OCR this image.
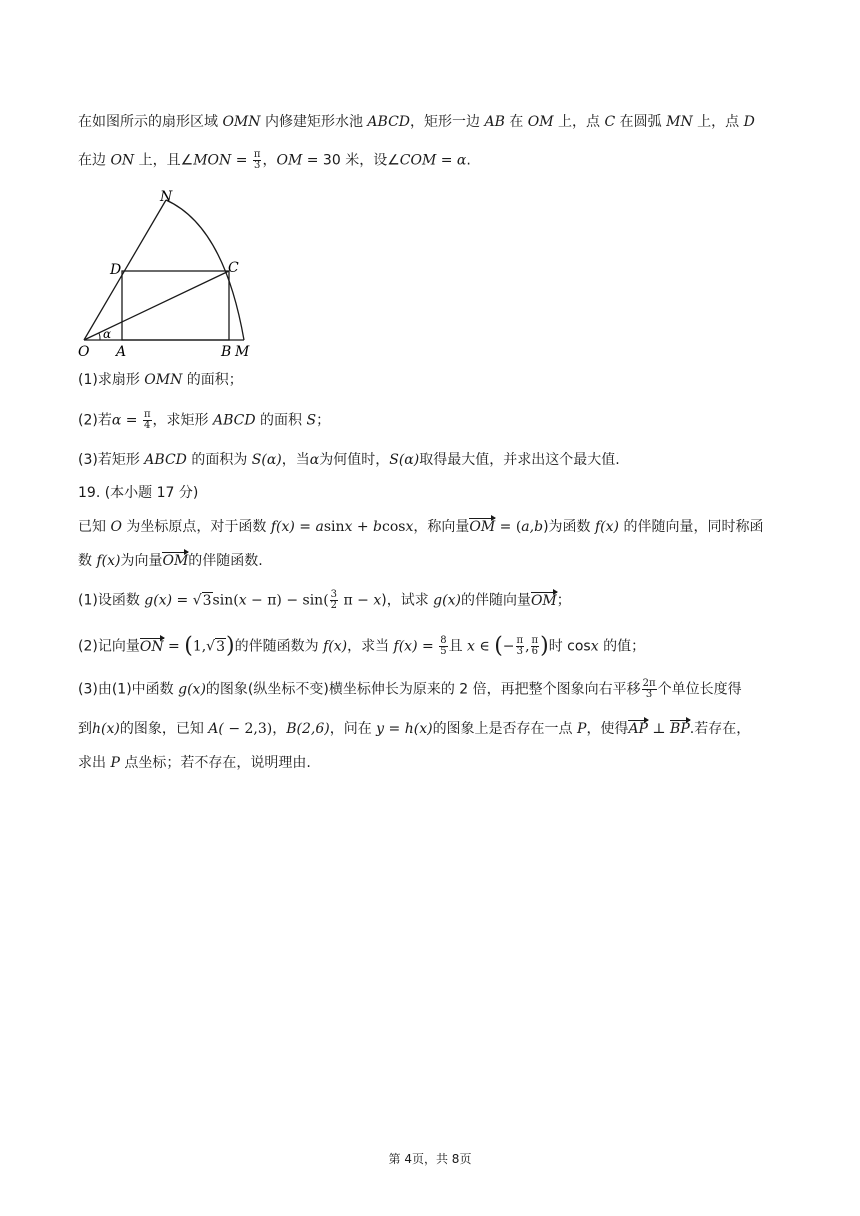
在如图所示的扇形区域 OMN 内修建矩形水池 ABCD，矩形一边 AB 在 OM 上，点 C 在圆弧 MN 上，点 D
在边 ON 上，且∠MON = $\frac{\pi}{3}$ ，OM = 30 米，设∠COM = α.
N
D	C
O A	B M
α
(1)求扇形 OMN 的面积；
(2)若$\alpha = \frac{\pi}{4}$ ，求矩形 ABCD 的面积 S；
(3)若矩形 ABCD 的面积为 S(α)，当α为何值时，S(α)取得最大值，并求出这个最大值.
19. (本小题 17 分)
已知 O 为坐标原点，对于函数 f(x) = asinx + bcosx，称向量OM = (a,b)为函数 f(x) 的伴随向量，同时称函
数 f(x)为向量OM的伴随函数.
(1)设函数 $g(x) = √3\sin(x - \pi) - \sin( \frac{3}{2}$ π − x)，试求 g(x)的伴随向量OM；
(2)记向量ON = (1,√3)的伴随函数为 f(x)，求当 $f(x) = \frac{8}{5}$ 且 x ∈ (− $\frac{\pi}{3}$ , $\frac{\pi}{6}$ )时 cosx 的值；
(3)由(1)中函数 g(x)的图象(纵坐标不变)横坐标伸长为原来的 2 倍，再把整个图象向右平移 $\frac{2\pi}{3}$ 个单位长度得
到h(x)的图象，已知 A( − 2,3)，B(2,6)，问在 y = h(x)的图象上是否存在一点 P，使得AP ⊥ BP.若存在，
求出 P 点坐标；若不存在，说明理由.
第 4页，共 8页
